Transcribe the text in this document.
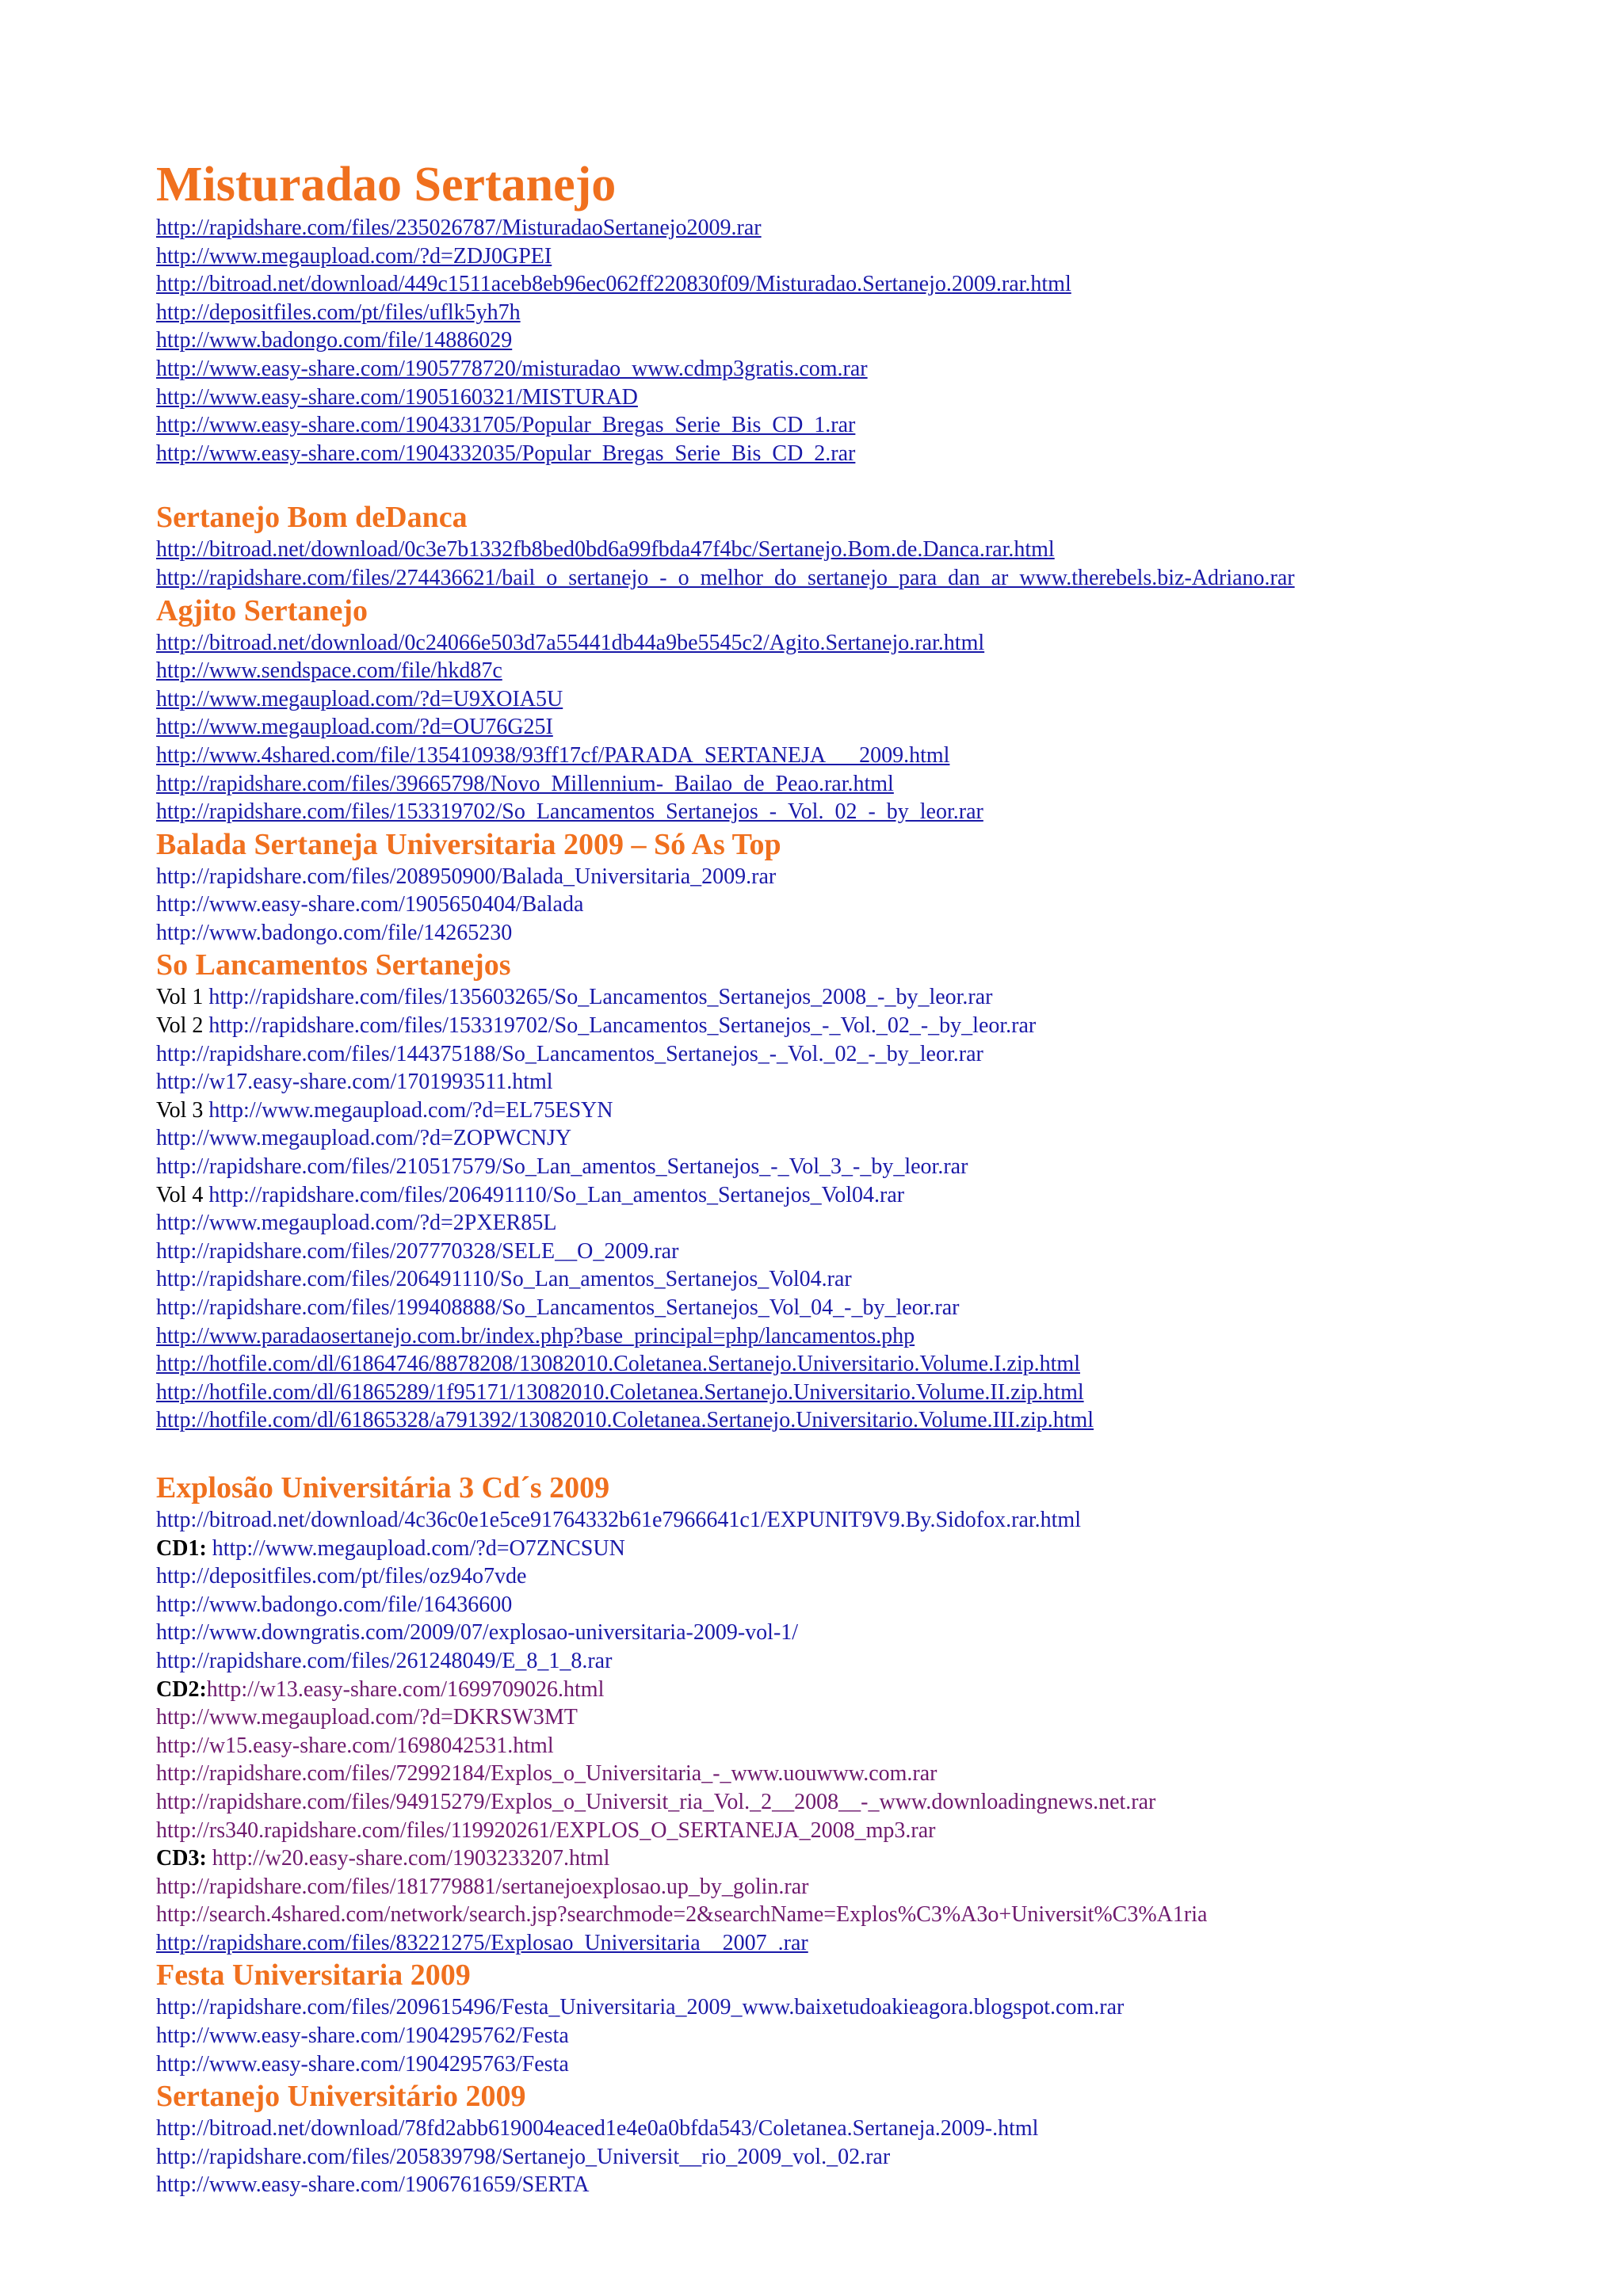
Misturadao Sertanejo
http://rapidshare.com/files/235026787/MisturadaoSertanejo2009.rar
http://www.megaupload.com/?d=ZDJ0GPEI
http://bitroad.net/download/449c1511aceb8eb96ec062ff220830f09/Misturadao.Sertanejo.2009.rar.html
http://depositfiles.com/pt/files/uflk5yh7h
http://www.badongo.com/file/14886029
http://www.easy-share.com/1905778720/misturadao_www.cdmp3gratis.com.rar
http://www.easy-share.com/1905160321/MISTURAD
http://www.easy-share.com/1904331705/Popular_Bregas_Serie_Bis_CD_1.rar
http://www.easy-share.com/1904332035/Popular_Bregas_Serie_Bis_CD_2.rar
Sertanejo Bom deDanca
http://bitroad.net/download/0c3e7b1332fb8bed0bd6a99fbda47f4bc/Sertanejo.Bom.de.Danca.rar.html
http://rapidshare.com/files/274436621/bail_o_sertanejo_-_o_melhor_do_sertanejo_para_dan_ar_www.therebels.biz-Adriano.rar
Agjito Sertanejo
http://bitroad.net/download/0c24066e503d7a55441db44a9be5545c2/Agito.Sertanejo.rar.html
http://www.sendspace.com/file/hkd87c
http://www.megaupload.com/?d=U9XOIA5U
http://www.megaupload.com/?d=OU76G25I
http://www.4shared.com/file/135410938/93ff17cf/PARADA_SERTANEJA___2009.html
http://rapidshare.com/files/39665798/Novo_Millennium-_Bailao_de_Peao.rar.html
http://rapidshare.com/files/153319702/So_Lancamentos_Sertanejos_-_Vol._02_-_by_leor.rar
Balada Sertaneja Universitaria 2009 – Só As Top
http://rapidshare.com/files/208950900/Balada_Universitaria_2009.rar
http://www.easy-share.com/1905650404/Balada
http://www.badongo.com/file/14265230
So Lancamentos Sertanejos
Vol 1 http://rapidshare.com/files/135603265/So_Lancamentos_Sertanejos_2008_-_by_leor.rar
Vol 2 http://rapidshare.com/files/153319702/So_Lancamentos_Sertanejos_-_Vol._02_-_by_leor.rar
http://rapidshare.com/files/144375188/So_Lancamentos_Sertanejos_-_Vol._02_-_by_leor.rar
http://w17.easy-share.com/1701993511.html
Vol 3 http://www.megaupload.com/?d=EL75ESYN
http://www.megaupload.com/?d=ZOPWCNJY
http://rapidshare.com/files/210517579/So_Lan_amentos_Sertanejos_-_Vol_3_-_by_leor.rar
Vol 4 http://rapidshare.com/files/206491110/So_Lan_amentos_Sertanejos_Vol04.rar
http://www.megaupload.com/?d=2PXER85L
http://rapidshare.com/files/207770328/SELE__O_2009.rar
http://rapidshare.com/files/206491110/So_Lan_amentos_Sertanejos_Vol04.rar
http://rapidshare.com/files/199408888/So_Lancamentos_Sertanejos_Vol_04_-_by_leor.rar
http://www.paradaosertanejo.com.br/index.php?base_principal=php/lancamentos.php
http://hotfile.com/dl/61864746/8878208/13082010.Coletanea.Sertanejo.Universitario.Volume.I.zip.html
http://hotfile.com/dl/61865289/1f95171/13082010.Coletanea.Sertanejo.Universitario.Volume.II.zip.html
http://hotfile.com/dl/61865328/a791392/13082010.Coletanea.Sertanejo.Universitario.Volume.III.zip.html
Explosão Universitária 3 Cd´s 2009
http://bitroad.net/download/4c36c0e1e5ce91764332b61e7966641c1/EXPUNIT9V9.By.Sidofox.rar.html
CD1: http://www.megaupload.com/?d=O7ZNCSUN
http://depositfiles.com/pt/files/oz94o7vde
http://www.badongo.com/file/16436600
http://www.downgratis.com/2009/07/explosao-universitaria-2009-vol-1/
http://rapidshare.com/files/261248049/E_8_1_8.rar
CD2:http://w13.easy-share.com/1699709026.html
http://www.megaupload.com/?d=DKRSW3MT
http://w15.easy-share.com/1698042531.html
http://rapidshare.com/files/72992184/Explos_o_Universitaria_-_www.uouwww.com.rar
http://rapidshare.com/files/94915279/Explos_o_Universit_ria_Vol._2__2008__-_www.downloadingnews.net.rar
http://rs340.rapidshare.com/files/119920261/EXPLOS_O_SERTANEJA_2008_mp3.rar
CD3: http://w20.easy-share.com/1903233207.html
http://rapidshare.com/files/181779881/sertanejoexplosao.up_by_golin.rar
http://search.4shared.com/network/search.jsp?searchmode=2&searchName=Explos%C3%A3o+Universit%C3%A1ria
http://rapidshare.com/files/83221275/Explosao_Universitaria__2007_.rar
Festa Universitaria 2009
http://rapidshare.com/files/209615496/Festa_Universitaria_2009_www.baixetudoakieagora.blogspot.com.rar
http://www.easy-share.com/1904295762/Festa
http://www.easy-share.com/1904295763/Festa
Sertanejo Universitário 2009
http://bitroad.net/download/78fd2abb619004eaced1e4e0a0bfda543/Coletanea.Sertaneja.2009-.html
http://rapidshare.com/files/205839798/Sertanejo_Universit__rio_2009_vol._02.rar
http://www.easy-share.com/1906761659/SERTA
